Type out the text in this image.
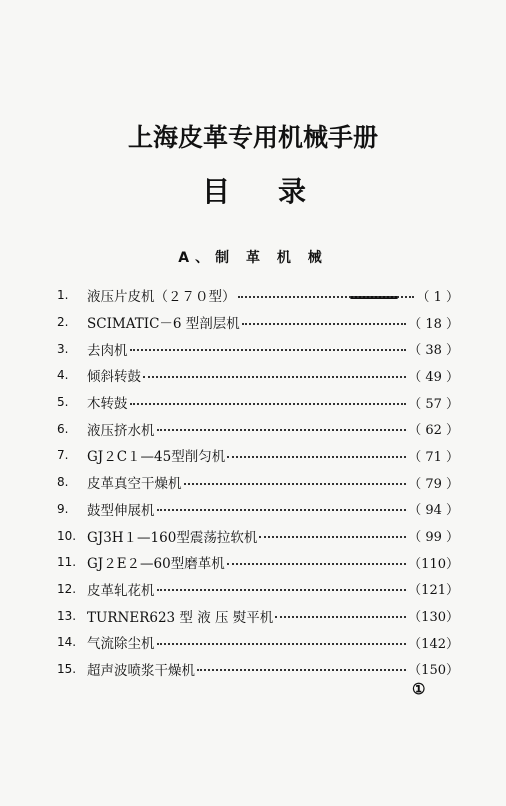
上海皮革专用机械手册
目 录
A、制 革 机 械
1.	液压片皮机（２７０型）	（ 1 ）
2.	SCIMATIC－6 型剖层机	（ 18 ）
3.	去肉机	（ 38 ）
4.	倾斜转鼓	（ 49 ）
5.	木转鼓	（ 57 ）
6.	液压挤水机	（ 62 ）
7.	GJ２C１—45型削匀机	（ 71 ）
8.	皮革真空干燥机	（ 79 ）
9.	鼓型伸展机	（ 94 ）
10. GJ3H１—160型震荡拉软机	（ 99 ）
11. GJ２E２—60型磨革机	（110）
12. 皮革轧花机	（121）
13. TURNER623 型 液 压 熨平机	（130）
14. 气流除尘机	（142）
15. 超声波喷浆干燥机	（150）
①
